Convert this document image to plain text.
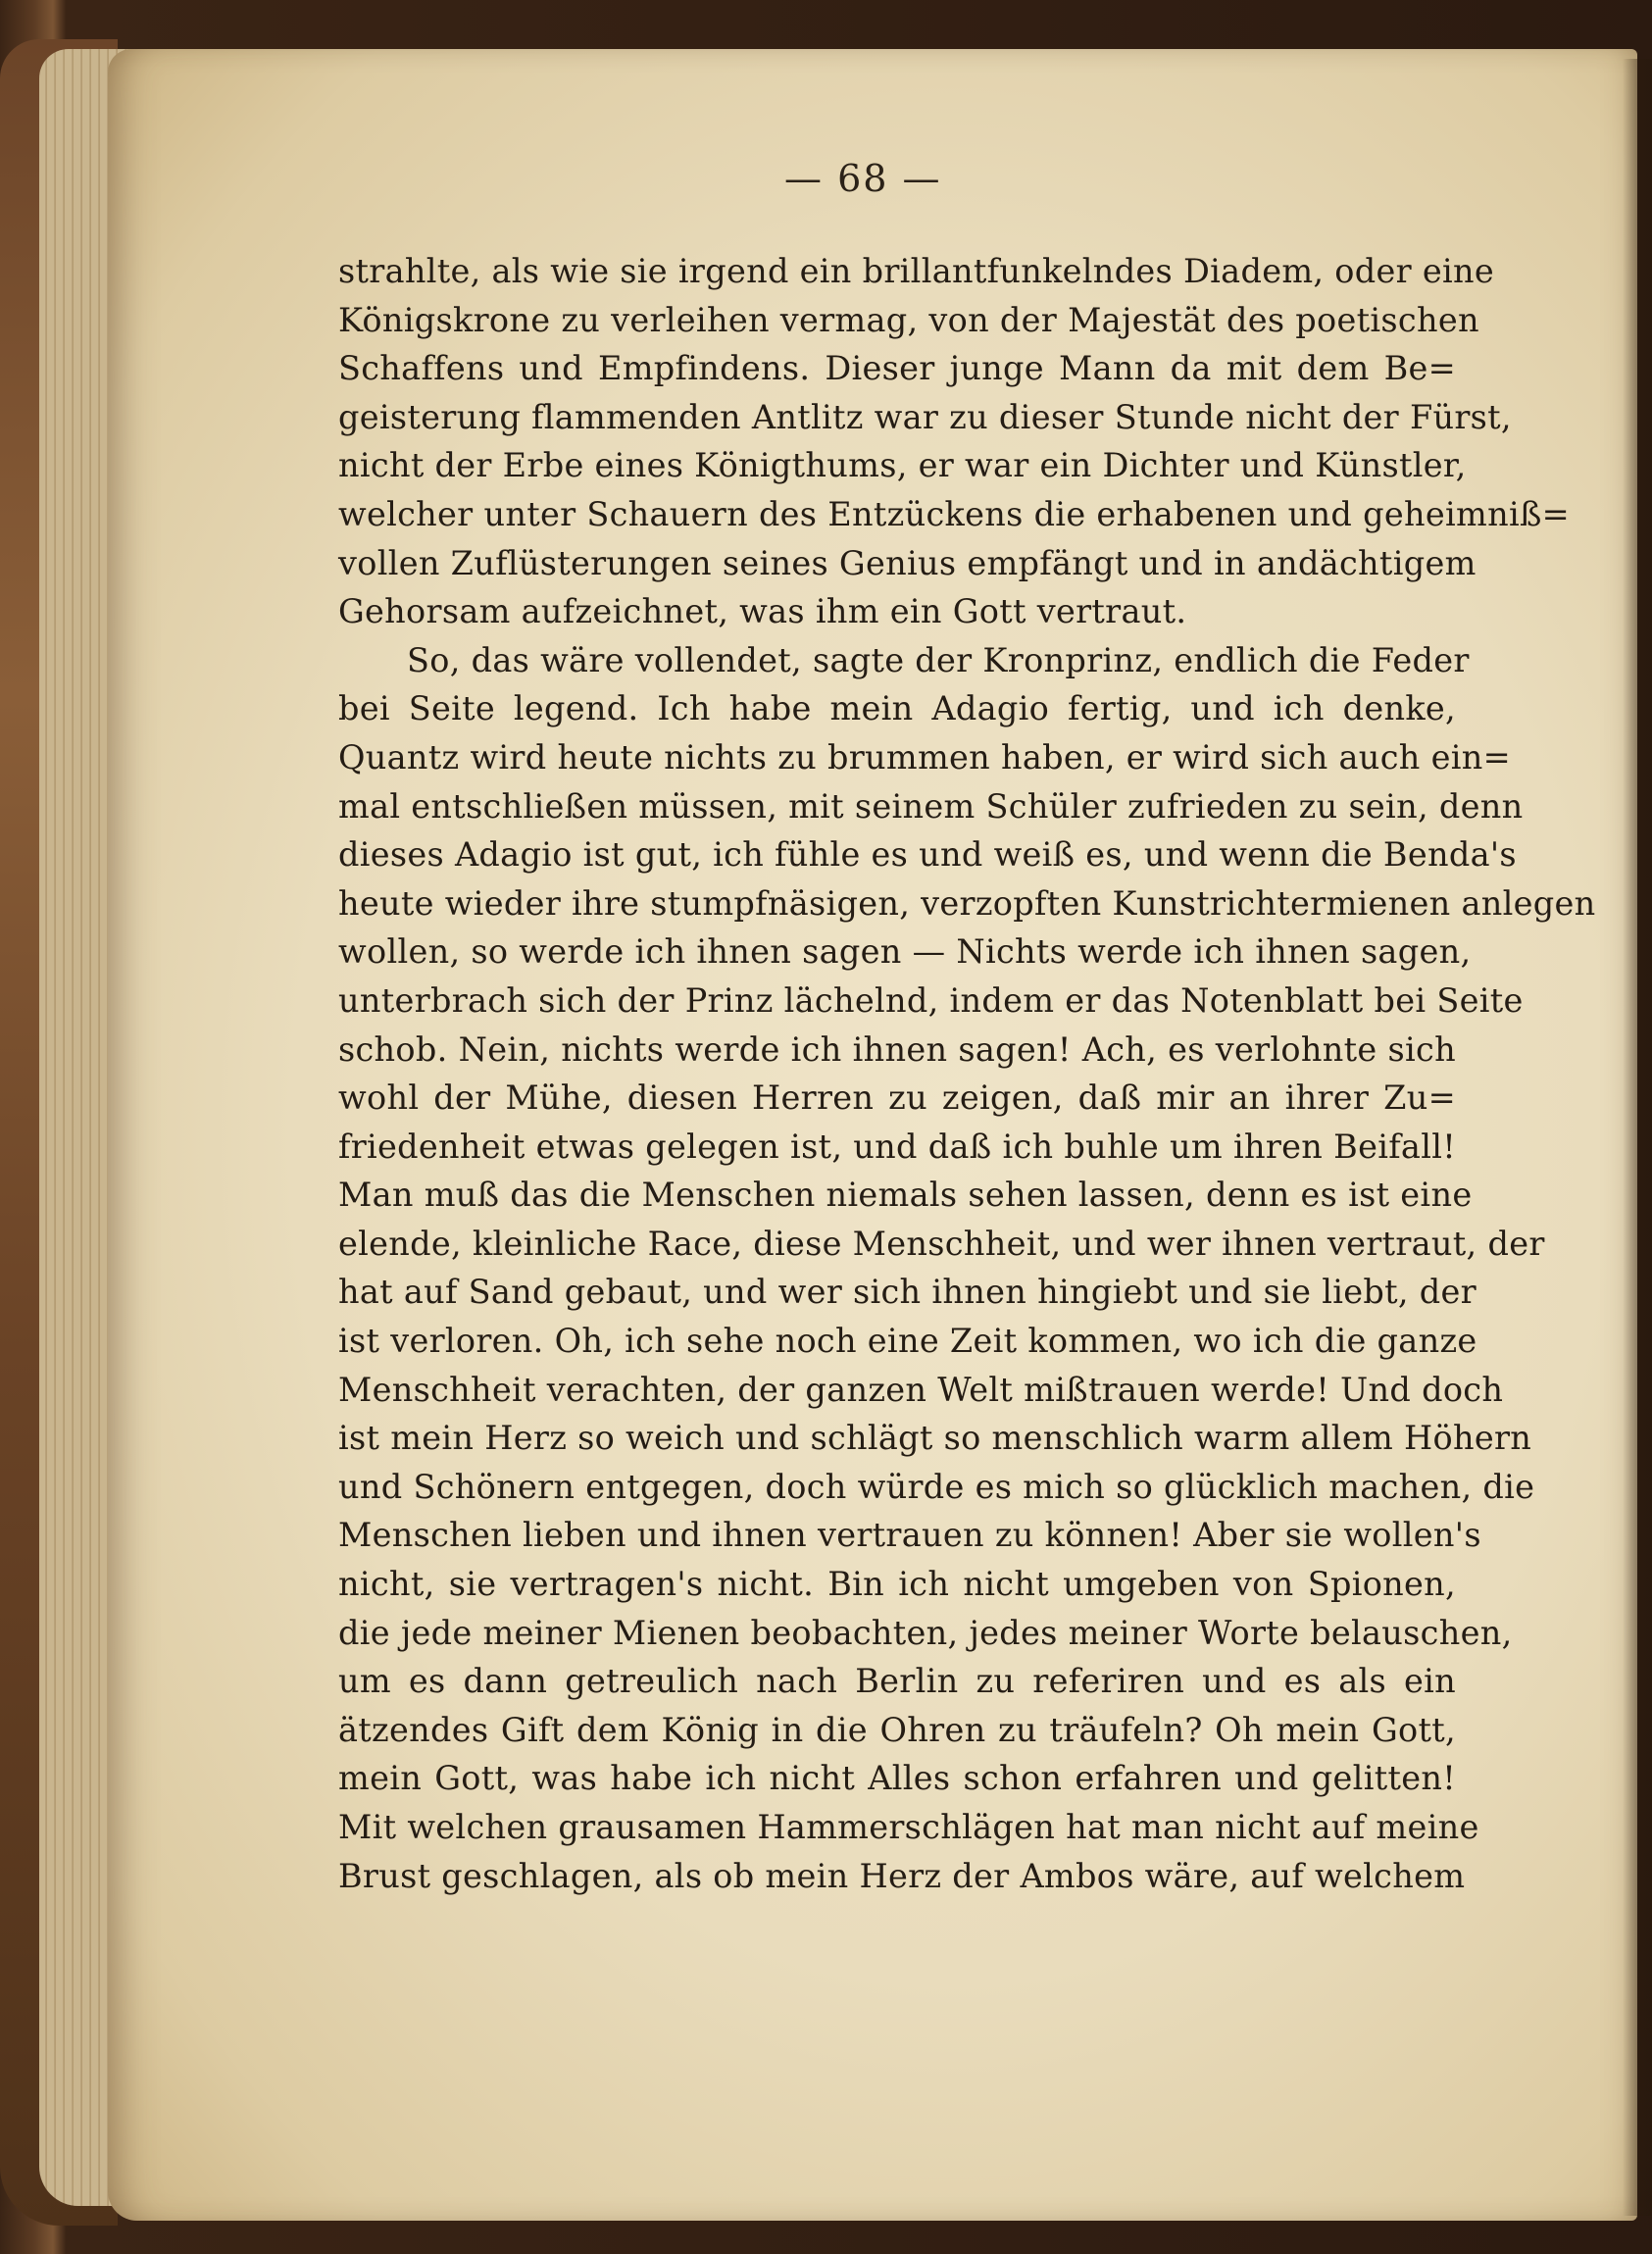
— 68 —
strahlte, als wie sie irgend ein brillantfunkelndes Diadem, oder eine
Königskrone zu verleihen vermag, von der Majestät des poetischen
Schaffens und Empfindens. Dieser junge Mann da mit dem Be=
geisterung flammenden Antlitz war zu dieser Stunde nicht der Fürst,
nicht der Erbe eines Königthums, er war ein Dichter und Künstler,
welcher unter Schauern des Entzückens die erhabenen und geheimniß=
vollen Zuflüsterungen seines Genius empfängt und in andächtigem
Gehorsam aufzeichnet, was ihm ein Gott vertraut.
So, das wäre vollendet, sagte der Kronprinz, endlich die Feder
bei Seite legend. Ich habe mein Adagio fertig, und ich denke,
Quantz wird heute nichts zu brummen haben, er wird sich auch ein=
mal entschließen müssen, mit seinem Schüler zufrieden zu sein, denn
dieses Adagio ist gut, ich fühle es und weiß es, und wenn die Benda's
heute wieder ihre stumpfnäsigen, verzopften Kunstrichtermienen anlegen
wollen, so werde ich ihnen sagen — Nichts werde ich ihnen sagen,
unterbrach sich der Prinz lächelnd, indem er das Notenblatt bei Seite
schob. Nein, nichts werde ich ihnen sagen! Ach, es verlohnte sich
wohl der Mühe, diesen Herren zu zeigen, daß mir an ihrer Zu=
friedenheit etwas gelegen ist, und daß ich buhle um ihren Beifall!
Man muß das die Menschen niemals sehen lassen, denn es ist eine
elende, kleinliche Race, diese Menschheit, und wer ihnen vertraut, der
hat auf Sand gebaut, und wer sich ihnen hingiebt und sie liebt, der
ist verloren. Oh, ich sehe noch eine Zeit kommen, wo ich die ganze
Menschheit verachten, der ganzen Welt mißtrauen werde! Und doch
ist mein Herz so weich und schlägt so menschlich warm allem Höhern
und Schönern entgegen, doch würde es mich so glücklich machen, die
Menschen lieben und ihnen vertrauen zu können! Aber sie wollen's
nicht, sie vertragen's nicht. Bin ich nicht umgeben von Spionen,
die jede meiner Mienen beobachten, jedes meiner Worte belauschen,
um es dann getreulich nach Berlin zu referiren und es als ein
ätzendes Gift dem König in die Ohren zu träufeln? Oh mein Gott,
mein Gott, was habe ich nicht Alles schon erfahren und gelitten!
Mit welchen grausamen Hammerschlägen hat man nicht auf meine
Brust geschlagen, als ob mein Herz der Ambos wäre, auf welchem
